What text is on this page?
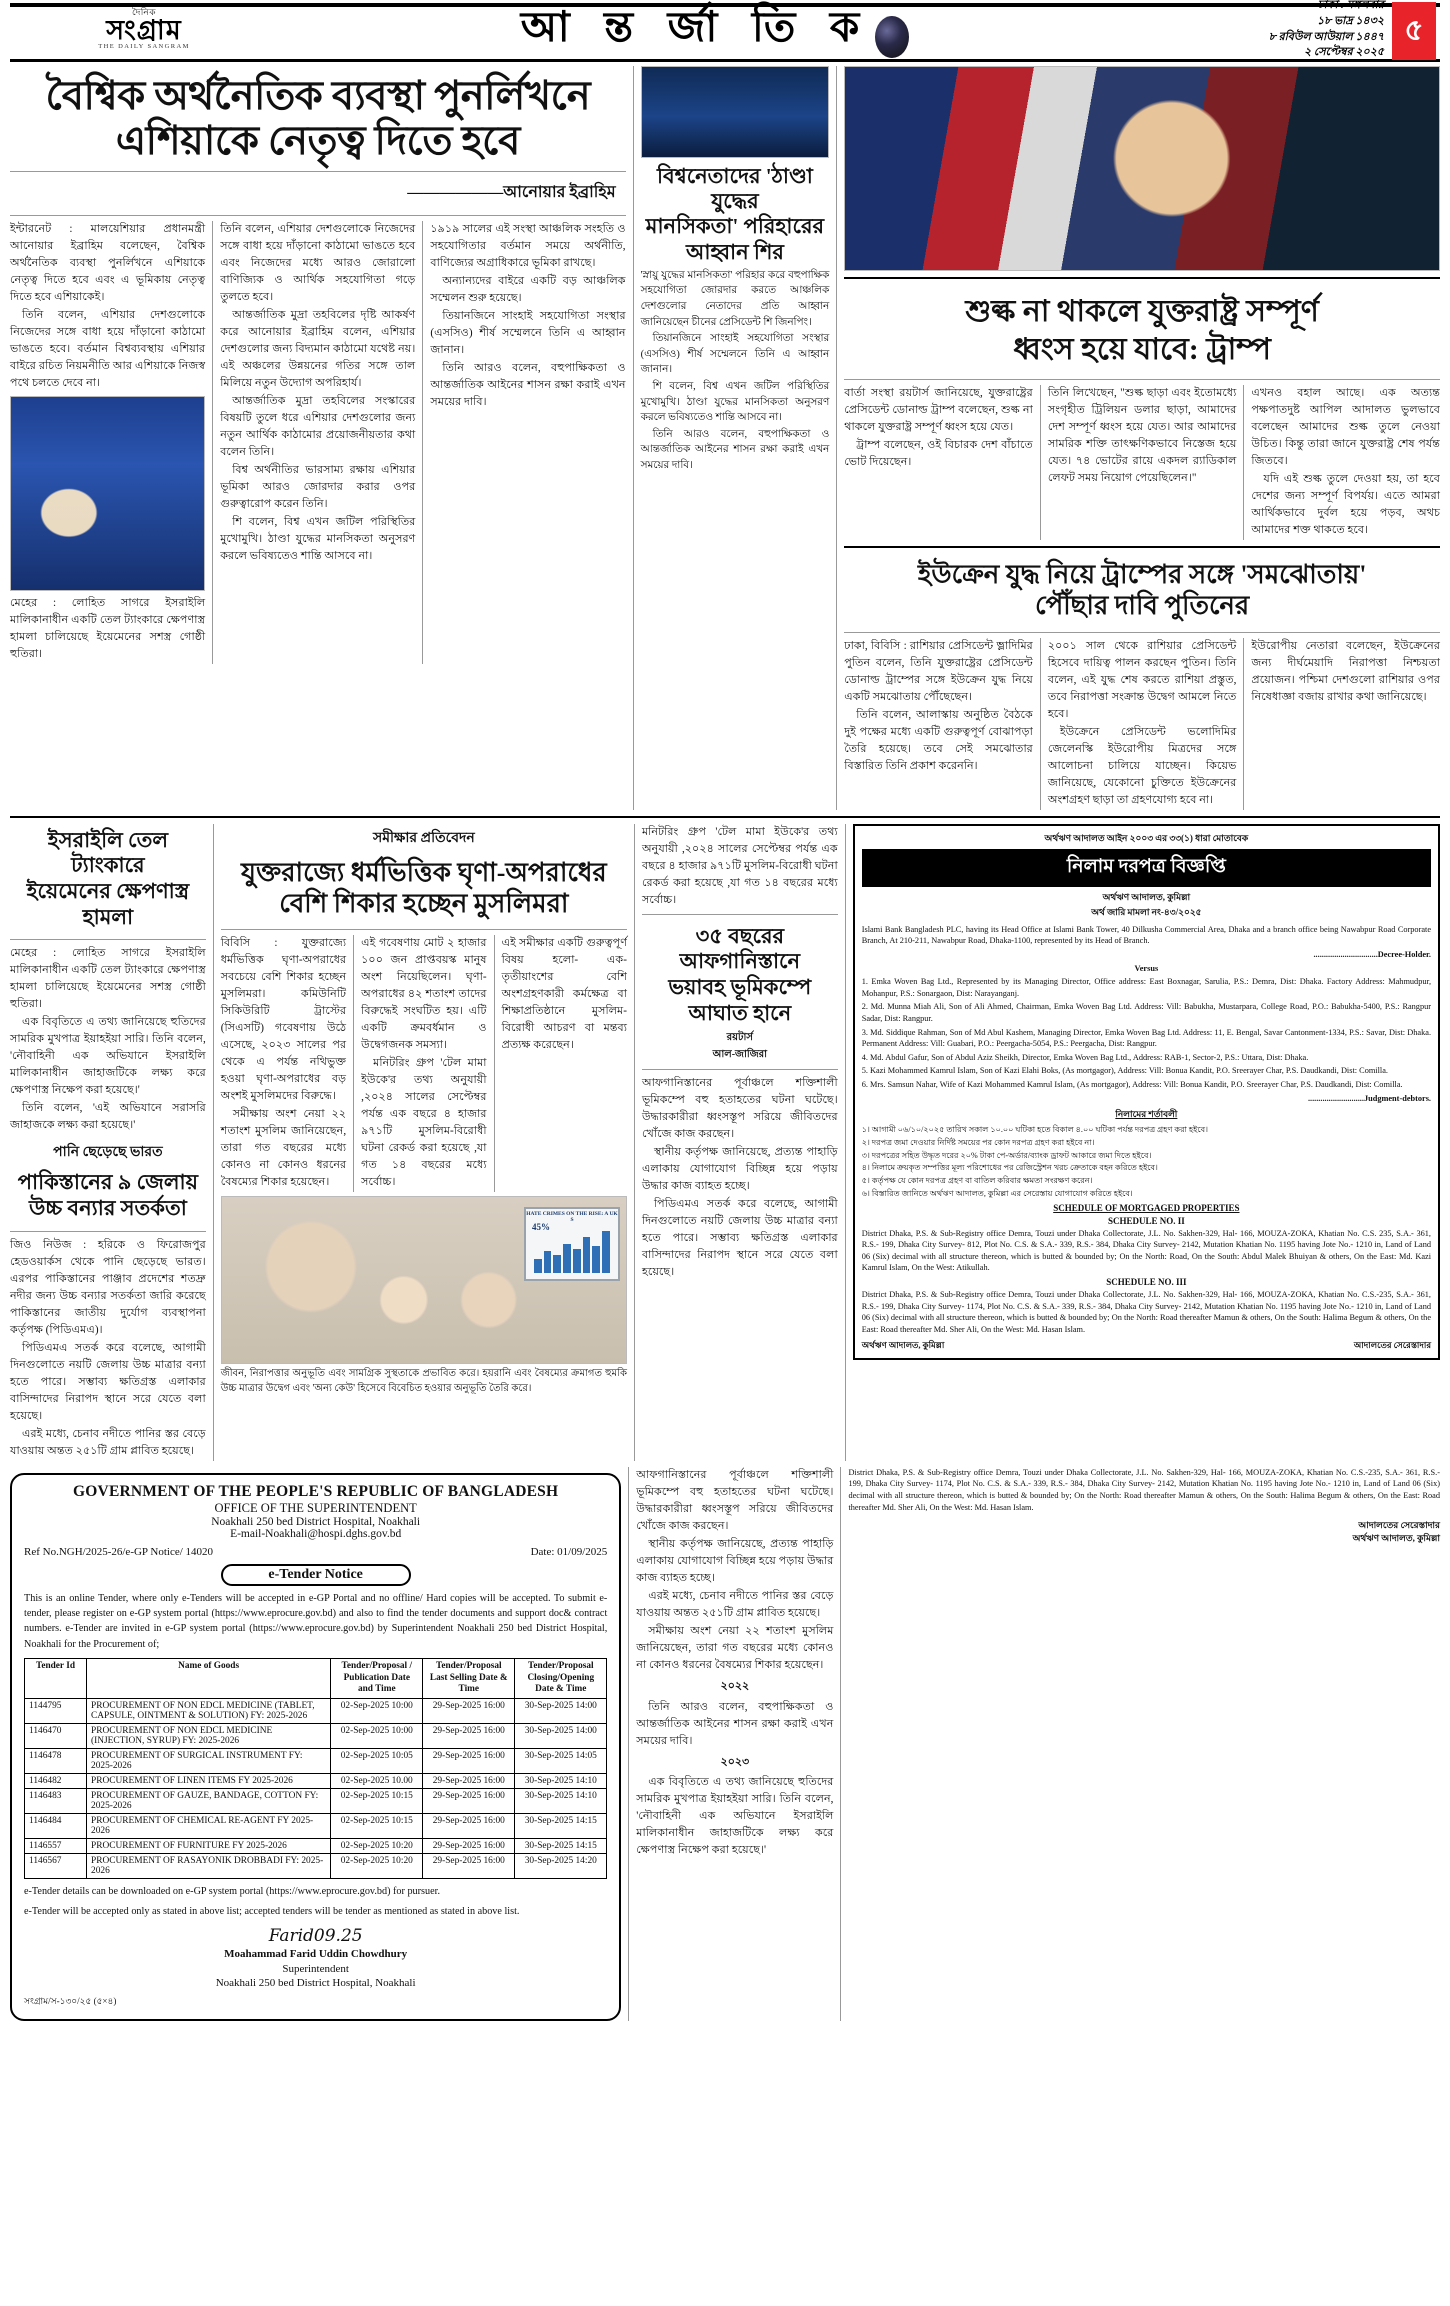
দৈনিক
সংগ্রাম
THE DAILY SANGRAM	আ ন্ত র্জা তি ক	১৮ ভাদ্র ১৪৩২
৮ রবিউল আউয়াল ১৪৪৭
২ সেপ্টেম্বর ২০২৫
৫
বৈশ্বিক অর্থনৈতিক ব্যবস্থা পুনর্লিখনে
এশিয়াকে নেতৃত্ব দিতে হবে
——————আনোয়ার ইব্রাহিম

ইন্টারনেট : মালয়েশিয়ার প্রধানমন্ত্রী আনোয়ার ইব্রাহিম বলেছেন, বৈশ্বিক অর্থনৈতিক ব্যবস্থা পুনর্লিখনে এশিয়াকে নেতৃত্ব দিতে হবে এবং এ ভূমিকায় নেতৃত্ব দিতে হবে এশিয়াকেই।

তিনি বলেন, এশিয়ার দেশগুলোকে নিজেদের সঙ্গে বাধা হয়ে দাঁড়ানো কাঠামো ভাঙতে হবে। বর্তমান বিশ্বব্যবস্থায় এশিয়ার বাইরে রচিত নিয়মনীতি আর এশিয়াকে নিজস্ব পথে চলতে দেবে না।

মেহের : লোহিত সাগরে ইসরাইলি মালিকানাধীন একটি তেল ট্যাংকারে ক্ষেপণাস্ত্র হামলা চালিয়েছে ইয়েমেনের সশস্ত্র গোষ্ঠী হুতিরা।

তিনি বলেন, এশিয়ার দেশগুলোকে নিজেদের সঙ্গে বাধা হয়ে দাঁড়ানো কাঠামো ভাঙতে হবে এবং নিজেদের মধ্যে আরও জোরালো বাণিজ্যিক ও আর্থিক সহযোগিতা গড়ে তুলতে হবে।

আন্তর্জাতিক মুদ্রা তহবিলের দৃষ্টি আকর্ষণ করে আনোয়ার ইব্রাহিম বলেন, এশিয়ার দেশগুলোর জন্য বিদ্যমান কাঠামো যথেষ্ট নয়। এই অঞ্চলের উন্নয়নের গতির সঙ্গে তাল মিলিয়ে নতুন উদ্যোগ অপরিহার্য।

আন্তর্জাতিক মুদ্রা তহবিলের সংস্কারের বিষয়টি তুলে ধরে এশিয়ার দেশগুলোর জন্য নতুন আর্থিক কাঠামোর প্রয়োজনীয়তার কথা বলেন তিনি।

বিশ্ব অর্থনীতির ভারসাম্য রক্ষায় এশিয়ার ভূমিকা আরও জোরদার করার ওপর গুরুত্বারোপ করেন তিনি।

শি বলেন, বিশ্ব এখন জটিল পরিস্থিতির মুখোমুখি। ঠাণ্ডা যুদ্ধের মানসিকতা অনুসরণ করলে ভবিষ্যতেও শান্তি আসবে না।

১৯১৯ সালের এই সংস্থা আঞ্চলিক সংহতি ও সহযোগিতার বর্তমান সময়ে অর্থনীতি, বাণিজ্যের অগ্রাধিকারে ভূমিকা রাখছে।

অন্যান্যদের বাইরে একটি বড় আঞ্চলিক সম্মেলন শুরু হয়েছে।

তিয়ানজিনে সাংহাই সহযোগিতা সংস্থার (এসসিও) শীর্ষ সম্মেলনে তিনি এ আহ্বান জানান।

তিনি আরও বলেন, বহুপাক্ষিকতা ও আন্তর্জাতিক আইনের শাসন রক্ষা করাই এখন সময়ের দাবি।

বিশ্বনেতাদের 'ঠাণ্ডা যুদ্ধের
মানসিকতা' পরিহারের
আহ্বান শির

'স্নায়ু যুদ্ধের মানসিকতা' পরিহার করে বহুপাক্ষিক সহযোগিতা জোরদার করতে আঞ্চলিক দেশগুলোর নেতাদের প্রতি আহ্বান জানিয়েছেন চীনের প্রেসিডেন্ট শি জিনপিং।

তিয়ানজিনে সাংহাই সহযোগিতা সংস্থার (এসসিও) শীর্ষ সম্মেলনে তিনি এ আহ্বান জানান।

শি বলেন, বিশ্ব এখন জটিল পরিস্থিতির মুখোমুখি। ঠাণ্ডা যুদ্ধের মানসিকতা অনুসরণ করলে ভবিষ্যতেও শান্তি আসবে না।

তিনি আরও বলেন, বহুপাক্ষিকতা ও আন্তর্জাতিক আইনের শাসন রক্ষা করাই এখন সময়ের দাবি।

শুল্ক না থাকলে যুক্তরাষ্ট্র সম্পূর্ণ
ধ্বংস হয়ে যাবে: ট্রাম্প

বার্তা সংস্থা রয়টার্স জানিয়েছে, যুক্তরাষ্ট্রের প্রেসিডেন্ট ডোনাল্ড ট্রাম্প বলেছেন, শুল্ক না থাকলে যুক্তরাষ্ট্র সম্পূর্ণ ধ্বংস হয়ে যেত।

ট্রাম্প বলেছেন, ওই বিচারক দেশ বাঁচাতে ভোট দিয়েছেন।

তিনি লিখেছেন, "শুল্ক ছাড়া এবং ইতোমধ্যে সংগৃহীত ট্রিলিয়ন ডলার ছাড়া, আমাদের দেশ সম্পূর্ণ ধ্বংস হয়ে যেত। আর আমাদের সামরিক শক্তি তাৎক্ষণিকভাবে নিস্তেজ হয়ে যেত। ৭৪ ভোটের রায়ে একদল র‍্যাডিকাল লেফট সময় নিয়োগ পেয়েছিলেন।"

এখনও বহাল আছে। এক অত্যন্ত পক্ষপাতদুষ্ট আপিল আদালত ভুলভাবে বলেছেন আমাদের শুল্ক তুলে নেওয়া উচিত। কিন্তু তারা জানে যুক্তরাষ্ট্র শেষ পর্যন্ত জিতবে।

যদি এই শুল্ক তুলে দেওয়া হয়, তা হবে দেশের জন্য সম্পূর্ণ বিপর্যয়। এতে আমরা আর্থিকভাবে দুর্বল হয়ে পড়ব, অথচ আমাদের শক্ত থাকতে হবে।

ইউক্রেন যুদ্ধ নিয়ে ট্রাম্পের সঙ্গে 'সমঝোতায়'
পৌঁছার দাবি পুতিনের

ঢাকা, বিবিসি : রাশিয়ার প্রেসিডেন্ট ভ্লাদিমির পুতিন বলেন, তিনি যুক্তরাষ্ট্রের প্রেসিডেন্ট ডোনাল্ড ট্রাম্পের সঙ্গে ইউক্রেন যুদ্ধ নিয়ে একটি সমঝোতায় পৌঁছেছেন।

তিনি বলেন, আলাস্কায় অনুষ্ঠিত বৈঠকে দুই পক্ষের মধ্যে একটি গুরুত্বপূর্ণ বোঝাপড়া তৈরি হয়েছে। তবে সেই সমঝোতার বিস্তারিত তিনি প্রকাশ করেননি।

২০০১ সাল থেকে রাশিয়ার প্রেসিডেন্ট হিসেবে দায়িত্ব পালন করছেন পুতিন। তিনি বলেন, এই যুদ্ধ শেষ করতে রাশিয়া প্রস্তুত, তবে নিরাপত্তা সংক্রান্ত উদ্বেগ আমলে নিতে হবে।

ইউক্রেনে প্রেসিডেন্ট ভলোদিমির জেলেনস্কি ইউরোপীয় মিত্রদের সঙ্গে আলোচনা চালিয়ে যাচ্ছেন। কিয়েভ জানিয়েছে, যেকোনো চুক্তিতে ইউক্রেনের অংশগ্রহণ ছাড়া তা গ্রহণযোগ্য হবে না।

ইউরোপীয় নেতারা বলেছেন, ইউক্রেনের জন্য দীর্ঘমেয়াদি নিরাপত্তা নিশ্চয়তা প্রয়োজন। পশ্চিমা দেশগুলো রাশিয়ার ওপর নিষেধাজ্ঞা বজায় রাখার কথা জানিয়েছে।

ইসরাইলি তেল ট্যাংকারে
ইয়েমেনের ক্ষেপণাস্ত্র
হামলা

মেহের : লোহিত সাগরে ইসরাইলি মালিকানাধীন একটি তেল ট্যাংকারে ক্ষেপণাস্ত্র হামলা চালিয়েছে ইয়েমেনের সশস্ত্র গোষ্ঠী হুতিরা।

এক বিবৃতিতে এ তথ্য জানিয়েছে হুতিদের সামরিক মুখপাত্র ইয়াহইয়া সারি। তিনি বলেন, 'নৌবাহিনী এক অভিযানে ইসরাইলি মালিকানাধীন জাহাজটিকে লক্ষ্য করে ক্ষেপণাস্ত্র নিক্ষেপ করা হয়েছে।'

তিনি বলেন, 'এই অভিযানে সরাসরি জাহাজকে লক্ষ্য করা হয়েছে।'

পানি ছেড়েছে ভারত
পাকিস্তানের ৯ জেলায়
উচ্চ বন্যার সতর্কতা

জিও নিউজ : হরিকে ও ফিরোজপুর হেডওয়ার্কস থেকে পানি ছেড়েছে ভারত। এরপর পাকিস্তানের পাঞ্জাব প্রদেশের শতদ্রু নদীর জন্য উচ্চ বন্যার সতর্কতা জারি করেছে পাকিস্তানের জাতীয় দুর্যোগ ব্যবস্থাপনা কর্তৃপক্ষ (পিডিএমএ)।

পিডিএমএ সতর্ক করে বলেছে, আগামী দিনগুলোতে নয়টি জেলায় উচ্চ মাত্রার বন্যা হতে পারে। সম্ভাব্য ক্ষতিগ্রস্ত এলাকার বাসিন্দাদের নিরাপদ স্থানে সরে যেতে বলা হয়েছে।

এরই মধ্যে, চেনাব নদীতে পানির স্তর বেড়ে যাওয়ায় অন্তত ২৫১টি গ্রাম প্লাবিত হয়েছে।

সমীক্ষার প্রতিবেদন
যুক্তরাজ্যে ধর্মভিত্তিক ঘৃণা-অপরাধের
বেশি শিকার হচ্ছেন মুসলিমরা

বিবিসি : যুক্তরাজ্যে ধর্মভিত্তিক ঘৃণা-অপরাধের সবচেয়ে বেশি শিকার হচ্ছেন মুসলিমরা। কমিউনিটি সিকিউরিটি ট্রাস্টের (সিএসটি) গবেষণায় উঠে এসেছে, ২০২৩ সালের পর থেকে এ পর্যন্ত নথিভুক্ত হওয়া ঘৃণা-অপরাধের বড় অংশই মুসলিমদের বিরুদ্ধে।

সমীক্ষায় অংশ নেয়া ২২ শতাংশ মুসলিম জানিয়েছেন, তারা গত বছরের মধ্যে কোনও না কোনও ধরনের বৈষম্যের শিকার হয়েছেন।

এই গবেষণায় মোট ২ হাজার ১০০ জন প্রাপ্তবয়স্ক মানুষ অংশ নিয়েছিলেন। ঘৃণা-অপরাধের ৪২ শতাংশ তাদের বিরুদ্ধেই সংঘটিত হয়। এটি একটি ক্রমবর্ধমান ও উদ্বেগজনক সমস্যা।

মনিটরিং গ্রুপ 'টেল মামা ইউকে'র তথ্য অনুযায়ী ,২০২৪ সালের সেপ্টেম্বর পর্যন্ত এক বছরে ৪ হাজার ৯৭১টি মুসলিম-বিরোধী ঘটনা রেকর্ড করা হয়েছে ,যা গত ১৪ বছরের মধ্যে সর্বোচ্চ।

এই সমীক্ষার একটি গুরুত্বপূর্ণ বিষয় হলো- এক-তৃতীয়াংশের বেশি অংশগ্রহণকারী কর্মক্ষেত্র বা শিক্ষাপ্রতিষ্ঠানে মুসলিম-বিরোধী আচরণ বা মন্তব্য প্রত্যক্ষ করেছেন।

HATE CRIMES ON THE RISE: A UK S
45%
জীবন, নিরাপত্তার অনুভূতি এবং সামগ্রিক সুস্থতাকে প্রভাবিত করে। হয়রানি এবং বৈষম্যের ক্রমাগত হুমকি উচ্চ মাত্রার উদ্বেগ এবং 'অন্য কেউ' হিসেবে বিবেচিত হওয়ার অনুভূতি তৈরি করে।

মনিটরিং গ্রুপ 'টেল মামা ইউকে'র তথ্য অনুযায়ী ,২০২৪ সালের সেপ্টেম্বর পর্যন্ত এক বছরে ৪ হাজার ৯৭১টি মুসলিম-বিরোধী ঘটনা রেকর্ড করা হয়েছে ,যা গত ১৪ বছরের মধ্যে সর্বোচ্চ।

৩৫ বছরের আফগানিস্তানে
ভয়াবহ ভূমিকম্পে
আঘাত হানে
রয়টার্স
আল-জাজিরা

আফগানিস্তানের পূর্বাঞ্চলে শক্তিশালী ভূমিকম্পে বহু হতাহতের ঘটনা ঘটেছে। উদ্ধারকারীরা ধ্বংসস্তূপ সরিয়ে জীবিতদের খোঁজে কাজ করছেন।

স্থানীয় কর্তৃপক্ষ জানিয়েছে, প্রত্যন্ত পাহাড়ি এলাকায় যোগাযোগ বিচ্ছিন্ন হয়ে পড়ায় উদ্ধার কাজ ব্যাহত হচ্ছে।

পিডিএমএ সতর্ক করে বলেছে, আগামী দিনগুলোতে নয়টি জেলায় উচ্চ মাত্রার বন্যা হতে পারে। সম্ভাব্য ক্ষতিগ্রস্ত এলাকার বাসিন্দাদের নিরাপদ স্থানে সরে যেতে বলা হয়েছে।

অর্থঋণ আদালত আইন ২০০৩ এর ৩৩(১) ধারা মোতাবেক
নিলাম দরপত্র বিজ্ঞপ্তি
অর্থঋণ আদালত, কুমিল্লা
অর্থ জারি মামলা নং-৪৩/২০২৫

Islami Bank Bangladesh PLC, having its Head Office at Islami Bank Tower, 40 Dilkusha Commercial Area, Dhaka and a branch office being Nawabpur Road Corporate Branch, At 210-211, Nawabpur Road, Dhaka-1100, represented by its Head of Branch.

...............................Decree-Holder.

Versus

1. Emka Woven Bag Ltd., Represented by its Managing Director, Office address: East Boxnagar, Sarulia, P.S.: Demra, Dist: Dhaka. Factory Address: Mahmudpur, Mohanpur, P.S.: Sonargaon, Dist: Narayanganj.

2. Md. Munna Miah Ali, Son of Ali Ahmed, Chairman, Emka Woven Bag Ltd. Address: Vill: Babukha, Mustarpara, College Road, P.O.: Babukha-5400, P.S.: Rangpur Sadar, Dist: Rangpur.

3. Md. Siddique Rahman, Son of Md Abul Kashem, Managing Director, Emka Woven Bag Ltd. Address: 11, E. Bengal, Savar Cantonment-1334, P.S.: Savar, Dist: Dhaka. Permanent Address: Vill: Guabari, P.O.: Peergacha-5054, P.S.: Peergacha, Dist: Rangpur.

4. Md. Abdul Gafur, Son of Abdul Aziz Sheikh, Director, Emka Woven Bag Ltd., Address: RAB-1, Sector-2, P.S.: Uttara, Dist: Dhaka.

5. Kazi Mohammed Kamrul Islam, Son of Kazi Elahi Boks, (As mortgagor), Address: Vill: Bonua Kandit, P.O. Sreerayer Char, P.S. Daudkandi, Dist: Comilla.

6. Mrs. Samsun Nahar, Wife of Kazi Mohammed Kamrul Islam, (As mortgagor), Address: Vill: Bonua Kandit, P.O. Sreerayer Char, P.S. Daudkandi, Dist: Comilla.

...........................Judgment-debtors.

নিলামের শর্তাবলী
১। আগামী ০৬/১০/২০২৫ তারিখ সকাল ১০.০০ ঘটিকা হতে বিকাল ৪.০০ ঘটিকা পর্যন্ত দরপত্র গ্রহণ করা হইবে।
২। দরপত্র জমা দেওয়ার নির্দিষ্ট সময়ের পর কোন দরপত্র গ্রহণ করা হইবে না।
৩। দরপত্রের সহিত উদ্ধৃত দরের ২০% টাকা পে-অর্ডার/ব্যাংক ড্রাফট আকারে জমা দিতে হইবে।
৪। নিলামে ক্রয়কৃত সম্পত্তির মূল্য পরিশোধের পর রেজিস্ট্রেশন খরচ ক্রেতাকে বহন করিতে হইবে।
৫। কর্তৃপক্ষ যে কোন দরপত্র গ্রহণ বা বাতিল করিবার ক্ষমতা সংরক্ষণ করেন।
৬। বিস্তারিত জানিতে অর্থঋণ আদালত, কুমিল্লা এর সেরেস্তায় যোগাযোগ করিতে হইবে।
SCHEDULE OF MORTGAGED PROPERTIES
SCHEDULE NO. II

District Dhaka, P.S. & Sub-Registry office Demra, Touzi under Dhaka Collectorate, J.L. No. Sakhen-329, Hal- 166, MOUZA-ZOKA, Khatian No. C.S. 235, S.A.- 361, R.S.- 199, Dhaka City Survey- 812, Plot No. C.S. & S.A.- 339, R.S.- 384, Dhaka City Survey- 2142, Mutation Khatian No. 1195 having Jote No.- 1210 in, Land of Land 06 (Six) decimal with all structure thereon, which is butted & bounded by; On the North: Road, On the South: Abdul Malek Bhuiyan & others, On the East: Md. Kazi Kamrul Islam, On the West: Atikullah.

SCHEDULE NO. III

District Dhaka, P.S. & Sub-Registry office Demra, Touzi under Dhaka Collectorate, J.L. No. Sakhen-329, Hal- 166, MOUZA-ZOKA, Khatian No. C.S.-235, S.A.- 361, R.S.- 199, Dhaka City Survey- 1174, Plot No. C.S. & S.A.- 339, R.S.- 384, Dhaka City Survey- 2142, Mutation Khatian No. 1195 having Jote No.- 1210 in, Land of Land 06 (Six) decimal with all structure thereon, which is butted & bounded by; On the North: Road thereafter Mamun & others, On the South: Halima Begum & others, On the East: Road thereafter Md. Sher Ali, On the West: Md. Hasan Islam.

অর্থঋণ আদালত, কুমিল্লা	আদালতের সেরেস্তাদার
GOVERNMENT OF THE PEOPLE'S REPUBLIC OF BANGLADESH
OFFICE OF THE SUPERINTENDENT
Noakhali 250 bed District Hospital, Noakhali
E-mail-Noakhali@hospi.dghs.gov.bd
Ref No.NGH/2025-26/e-GP Notice/ 14020	Date: 01/09/2025
e-Tender Notice
This is an online Tender, where only e-Tenders will be accepted in e-GP Portal and no offline/ Hard copies will be accepted. To submit e-tender, please register on e-GP system portal (https://www.eprocure.gov.bd) and also to find the tender documents and support doc& contract numbers. e-Tender are invited in e-GP system portal (https://www.eprocure.gov.bd) by Superintendent Noakhali 250 bed District Hospital, Noakhali for the Procurement of;
Tender Id	Name of Goods	Tender/Proposal / Publication Date and Time	Tender/Proposal Last Selling Date & Time	Tender/Proposal Closing/Opening Date & Time
1144795	PROCUREMENT OF NON EDCL MEDICINE (TABLET, CAPSULE, OINTMENT & SOLUTION) FY: 2025-2026	02-Sep-2025 10:00	29-Sep-2025 16:00	30-Sep-2025 14:00
1146470	PROCUREMENT OF NON EDCL MEDICINE (INJECTION, SYRUP) FY: 2025-2026	02-Sep-2025 10:00	29-Sep-2025 16:00	30-Sep-2025 14:00
1146478	PROCUREMENT OF SURGICAL INSTRUMENT FY: 2025-2026	02-Sep-2025 10:05	29-Sep-2025 16:00	30-Sep-2025 14:05
1146482	PROCUREMENT OF LINEN ITEMS FY 2025-2026	02-Sep-2025 10.00	29-Sep-2025 16:00	30-Sep-2025 14:10
1146483	PROCUREMENT OF GAUZE, BANDAGE, COTTON FY: 2025-2026	02-Sep-2025 10:15	29-Sep-2025 16:00	30-Sep-2025 14:10
1146484	PROCUREMENT OF CHEMICAL RE-AGENT FY 2025-2026	02-Sep-2025 10:15	29-Sep-2025 16:00	30-Sep-2025 14:15
1146557	PROCUREMENT OF FURNITURE FY 2025-2026	02-Sep-2025 10:20	29-Sep-2025 16:00	30-Sep-2025 14:15
1146567	PROCUREMENT OF RASAYONIK DROBBADI FY: 2025-2026	02-Sep-2025 10:20	29-Sep-2025 16:00	30-Sep-2025 14:20
e-Tender details can be downloaded on e-GP system portal (https://www.eprocure.gov.bd) for pursuer.
e-Tender will be accepted only as stated in above list; accepted tenders will be tender as mentioned as stated in above list.
Farid09.25
Moahammad Farid Uddin Chowdhury
Superintendent
Noakhali 250 bed District Hospital, Noakhali
সংগ্রাম/স-১৩০/২৫ (৫×৪)

আফগানিস্তানের পূর্বাঞ্চলে শক্তিশালী ভূমিকম্পে বহু হতাহতের ঘটনা ঘটেছে। উদ্ধারকারীরা ধ্বংসস্তূপ সরিয়ে জীবিতদের খোঁজে কাজ করছেন।

স্থানীয় কর্তৃপক্ষ জানিয়েছে, প্রত্যন্ত পাহাড়ি এলাকায় যোগাযোগ বিচ্ছিন্ন হয়ে পড়ায় উদ্ধার কাজ ব্যাহত হচ্ছে।

এরই মধ্যে, চেনাব নদীতে পানির স্তর বেড়ে যাওয়ায় অন্তত ২৫১টি গ্রাম প্লাবিত হয়েছে।

সমীক্ষায় অংশ নেয়া ২২ শতাংশ মুসলিম জানিয়েছেন, তারা গত বছরের মধ্যে কোনও না কোনও ধরনের বৈষম্যের শিকার হয়েছেন।

২০২২

তিনি আরও বলেন, বহুপাক্ষিকতা ও আন্তর্জাতিক আইনের শাসন রক্ষা করাই এখন সময়ের দাবি।

২০২৩

এক বিবৃতিতে এ তথ্য জানিয়েছে হুতিদের সামরিক মুখপাত্র ইয়াহইয়া সারি। তিনি বলেন, 'নৌবাহিনী এক অভিযানে ইসরাইলি মালিকানাধীন জাহাজটিকে লক্ষ্য করে ক্ষেপণাস্ত্র নিক্ষেপ করা হয়েছে।'

District Dhaka, P.S. & Sub-Registry office Demra, Touzi under Dhaka Collectorate, J.L. No. Sakhen-329, Hal- 166, MOUZA-ZOKA, Khatian No. C.S.-235, S.A.- 361, R.S.- 199, Dhaka City Survey- 1174, Plot No. C.S. & S.A.- 339, R.S.- 384, Dhaka City Survey- 2142, Mutation Khatian No. 1195 having Jote No.- 1210 in, Land of Land 06 (Six) decimal with all structure thereon, which is butted & bounded by; On the North: Road thereafter Mamun & others, On the South: Halima Begum & others, On the East: Road thereafter Md. Sher Ali, On the West: Md. Hasan Islam.

আদালতের সেরেস্তাদার
অর্থঋণ আদালত, কুমিল্লা
